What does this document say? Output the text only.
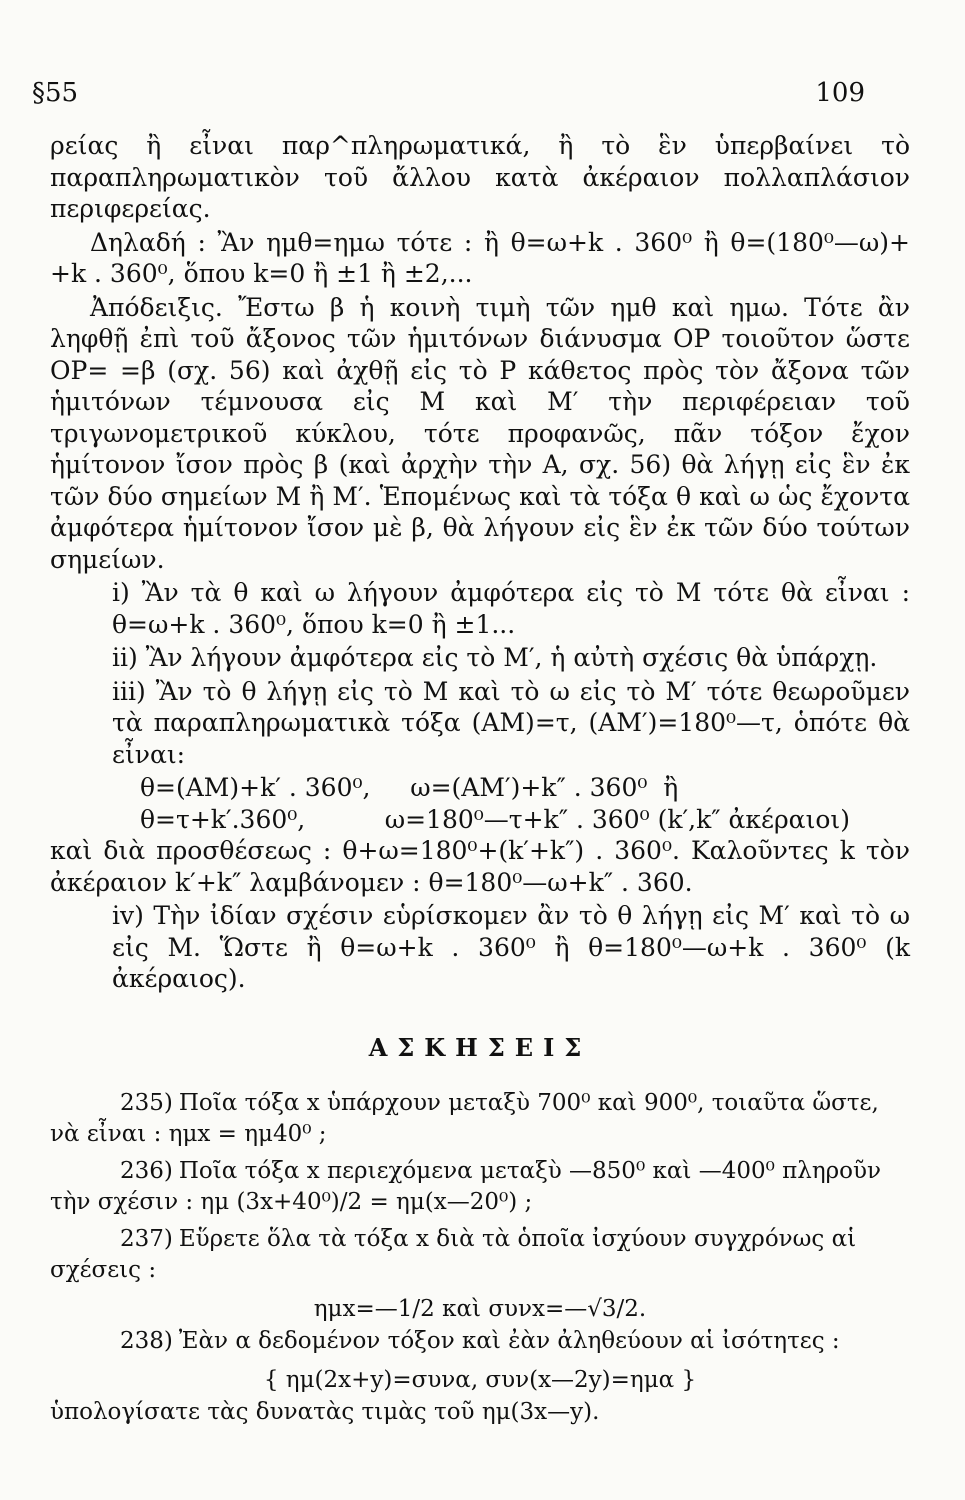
§55	109

ρείας ἢ εἶναι παρ^πληρωματικά, ἢ τὸ ἓν ὑπερβαίνει τὸ παραπληρωματικὸν τοῦ ἄλλου κατὰ ἀκέραιον πολλαπλάσιον περιφερείας.

Δηλαδή : Ἂν ημθ=ημω τότε : ἢ θ=ω+k . 360⁰ ἢ θ=(180⁰—ω)+ +k . 360⁰, ὅπου k=0 ἢ ±1 ἢ ±2,...

Ἀπόδειξις. Ἔστω β ἡ κοινὴ τιμὴ τῶν ημθ καὶ ημω. Τότε ἂν ληφθῇ ἐπὶ τοῦ ἄξονος τῶν ἡμιτόνων διάνυσμα OP τοιοῦτον ὥστε OP= =β (σχ. 56) καὶ ἀχθῇ εἰς τὸ P κάθετος πρὸς τὸν ἄξονα τῶν ἡμιτόνων τέμνουσα εἰς M καὶ M′ τὴν περιφέρειαν τοῦ τριγωνομετρικοῦ κύκλου, τότε προφανῶς, πᾶν τόξον ἔχον ἡμίτονον ἴσον πρὸς β (καὶ ἀρχὴν τὴν A, σχ. 56) θὰ λήγῃ εἰς ἓν ἐκ τῶν δύο σημείων M ἢ M′. Ἑπομένως καὶ τὰ τόξα θ καὶ ω ὡς ἔχοντα ἀμφότερα ἡμίτονον ἴσον μὲ β, θὰ λήγουν εἰς ἓν ἐκ τῶν δύο τούτων σημείων.

i) Ἂν τὰ θ καὶ ω λήγουν ἀμφότερα εἰς τὸ M τότε θὰ εἶναι : θ=ω+k . 360⁰, ὅπου k=0 ἢ ±1...

ii) Ἂν λήγουν ἀμφότερα εἰς τὸ M′, ἡ αὐτὴ σχέσις θὰ ὑπάρχῃ.

iii) Ἂν τὸ θ λήγῃ εἰς τὸ M καὶ τὸ ω εἰς τὸ M′ τότε θεωροῦμεν τὰ παραπληρωματικὰ τόξα (AM)=τ, (AM′)=180⁰—τ, ὁπότε θὰ εἶναι:

θ=(AM)+k′ . 360⁰,     ω=(AM′)+k″ . 360⁰  ἢ
θ=τ+k′.360⁰,          ω=180⁰—τ+k″ . 360⁰ (k′,k″ ἀκέραιοι)

καὶ διὰ προσθέσεως : θ+ω=180⁰+(k′+k″) . 360⁰. Καλοῦντες k τὸν ἀκέραιον k′+k″ λαμβάνομεν : θ=180⁰—ω+k″ . 360.

iv) Τὴν ἰδίαν σχέσιν εὑρίσκομεν ἂν τὸ θ λήγῃ εἰς M′ καὶ τὸ ω εἰς M. Ὥστε ἢ θ=ω+k . 360⁰ ἢ θ=180⁰—ω+k . 360⁰ (k ἀκέραιος).

ΑΣΚΗΣΕΙΣ

235) Ποῖα τόξα x ὑπάρχουν μεταξὺ 700⁰ καὶ 900⁰, τοιαῦτα ὥστε, νὰ εἶναι : ημx = ημ40⁰ ;

236) Ποῖα τόξα x περιεχόμενα μεταξὺ —850⁰ καὶ —400⁰ πληροῦν τὴν σχέσιν : ημ (3x+40⁰)/2 = ημ(x—20⁰) ;

237) Εὕρετε ὅλα τὰ τόξα x διὰ τὰ ὁποῖα ἰσχύουν συγχρόνως αἱ σχέσεις :

ημx=—1/2 καὶ συνx=—√3/2.

238) Ἐὰν α δεδομένον τόξον καὶ ἐὰν ἀληθεύουν αἱ ἰσότητες :

{ ημ(2x+y)=συνα, συν(x—2y)=ημα }

ὑπολογίσατε τὰς δυνατὰς τιμὰς τοῦ ημ(3x—y).
